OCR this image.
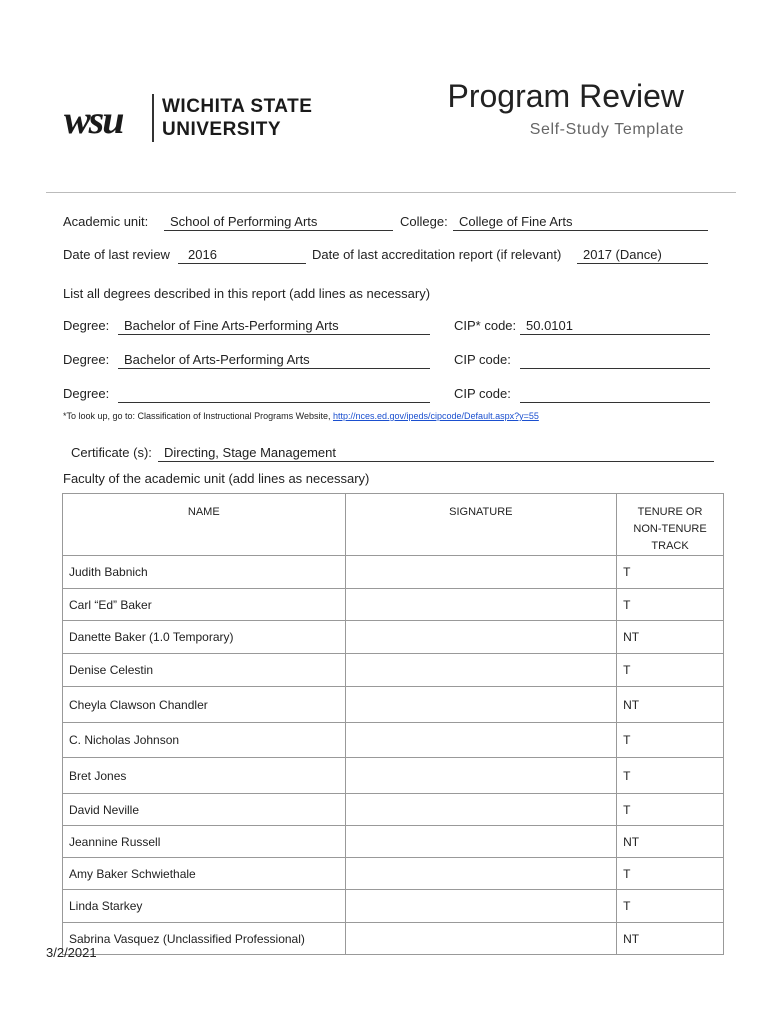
wsu WICHITA STATE
UNIVERSITY
Program Review
Self-Study Template
Academic unit:	School of Performing Arts	College: College of Fine Arts
Date of last review	2016	Date of last accreditation report (if relevant)	2017 (Dance)
List all degrees described in this report (add lines as necessary)
Degree:	Bachelor of Fine Arts-Performing Arts	CIP* code: 50.0101
Degree:	Bachelor of Arts-Performing Arts	CIP code:
Degree:	CIP code:
*To look up, go to: Classification of Instructional Programs Website, http://nces.ed.gov/ipeds/cipcode/Default.aspx?y=55
Certificate (s): Directing, Stage Management
Faculty of the academic unit (add lines as necessary)
NAME	SIGNATURE	TENURE OR NON-TENURE TRACK
Judith Babnich		T
Carl “Ed” Baker		T
Danette Baker (1.0 Temporary)		NT
Denise Celestin		T
Cheyla Clawson Chandler		NT
C. Nicholas Johnson		T
Bret Jones		T
David Neville		T
Jeannine Russell		NT
Amy Baker Schwiethale		T
Linda Starkey		T
Sabrina Vasquez (Unclassified Professional)		NT
3/2/2021
